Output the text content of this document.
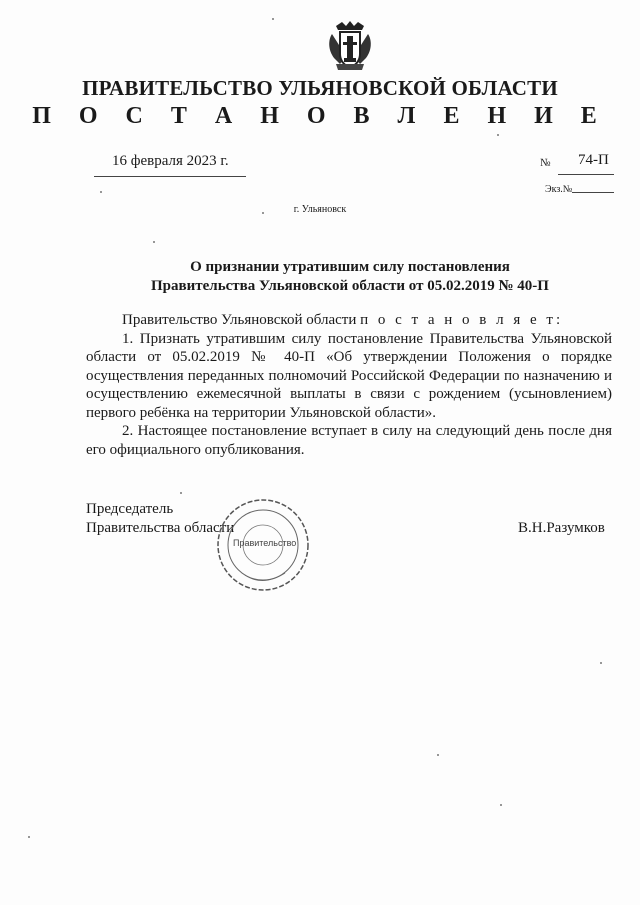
ПРАВИТЕЛЬСТВО УЛЬЯНОВСКОЙ ОБЛАСТИ
П О С Т А Н О В Л Е Н И Е
16 февраля 2023 г.	№ 74-П
Экз.№
г. Ульяновск
О признании утратившим силу постановления
Правительства Ульяновской области от 05.02.2019 № 40-П

Правительство Ульяновской области п о с т а н о в л я е т:

1. Признать утратившим силу постановление Правительства Ульяновской области от 05.02.2019 № 40-П «Об утверждении Положения о порядке осуществления переданных полномочий Российской Федерации по назначению и осуществлению ежемесячной выплаты в связи с рождением (усыновлением) первого ребёнка на территории Ульяновской области».

2. Настоящее постановление вступает в силу на следующий день после дня его официального опубликования.

Председатель
Правительства области	В.Н.Разумков
Правительство
